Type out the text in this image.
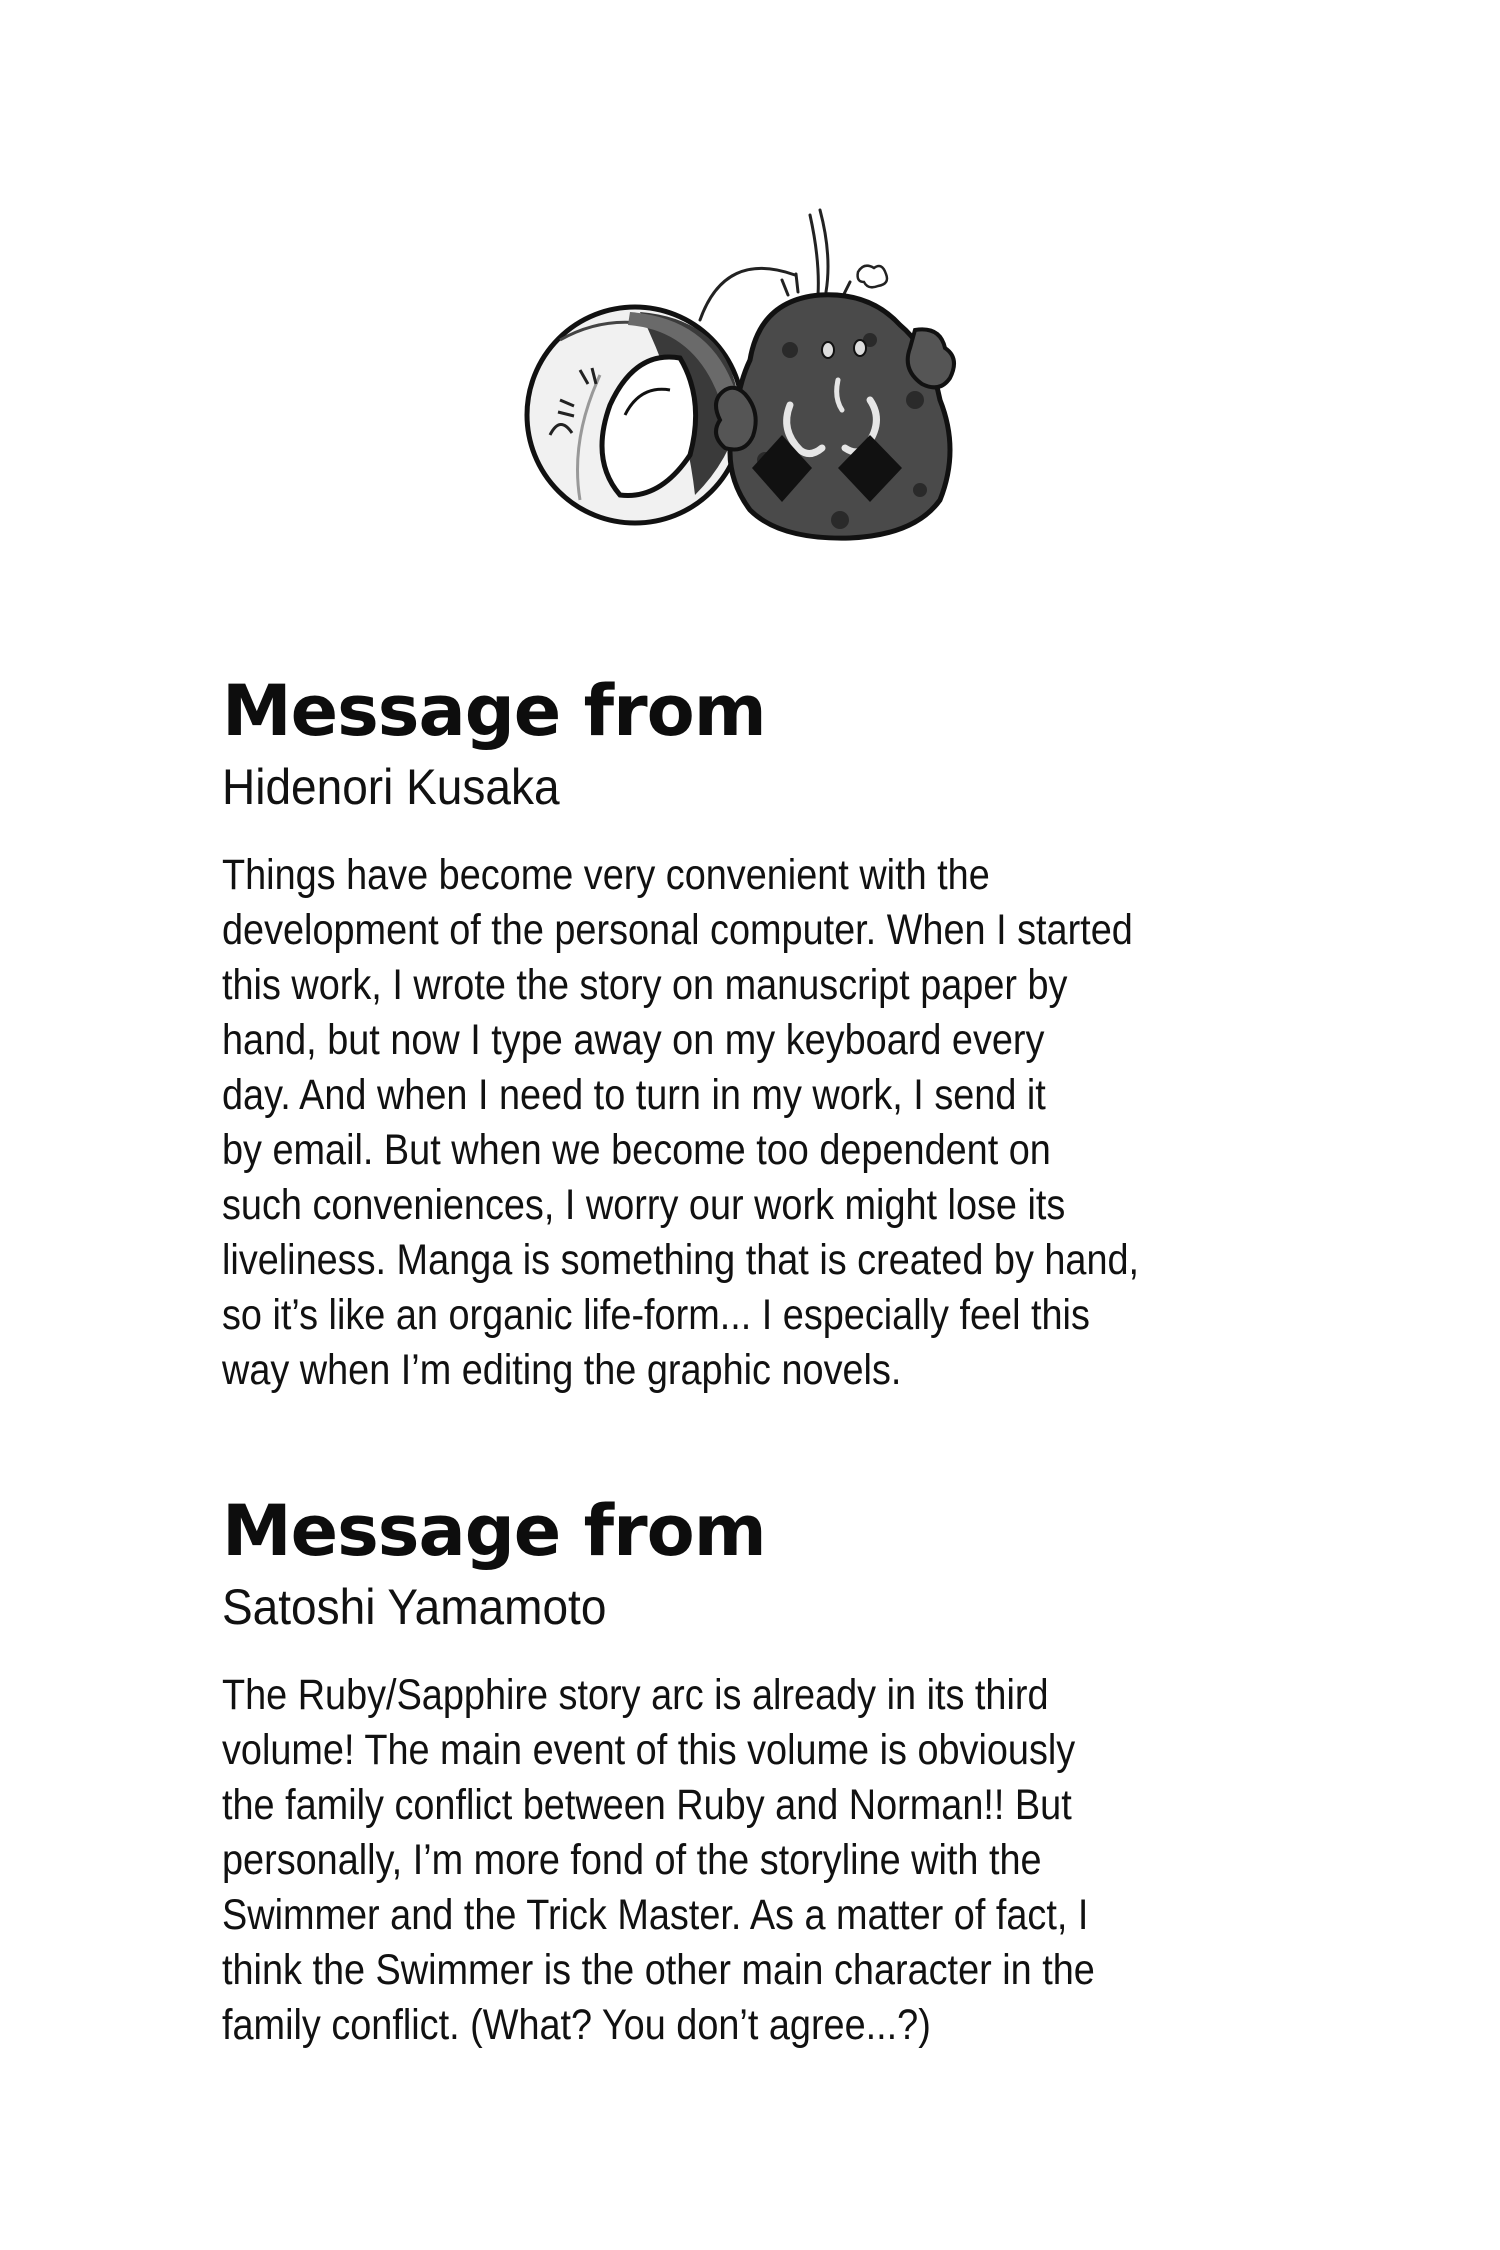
Message from
Hidenori Kusaka
Things have become very convenient with the
development of the personal computer. When I started
this work, I wrote the story on manuscript paper by
hand, but now I type away on my keyboard every
day. And when I need to turn in my work, I send it
by email. But when we become too dependent on
such conveniences, I worry our work might lose its
liveliness. Manga is something that is created by hand,
so it’s like an organic life-form... I especially feel this
way when I’m editing the graphic novels.
Message from
Satoshi Yamamoto
The Ruby/Sapphire story arc is already in its third
volume! The main event of this volume is obviously
the family conflict between Ruby and Norman!! But
personally, I’m more fond of the storyline with the
Swimmer and the Trick Master. As a matter of fact, I
think the Swimmer is the other main character in the
family conflict. (What? You don’t agree...?)
